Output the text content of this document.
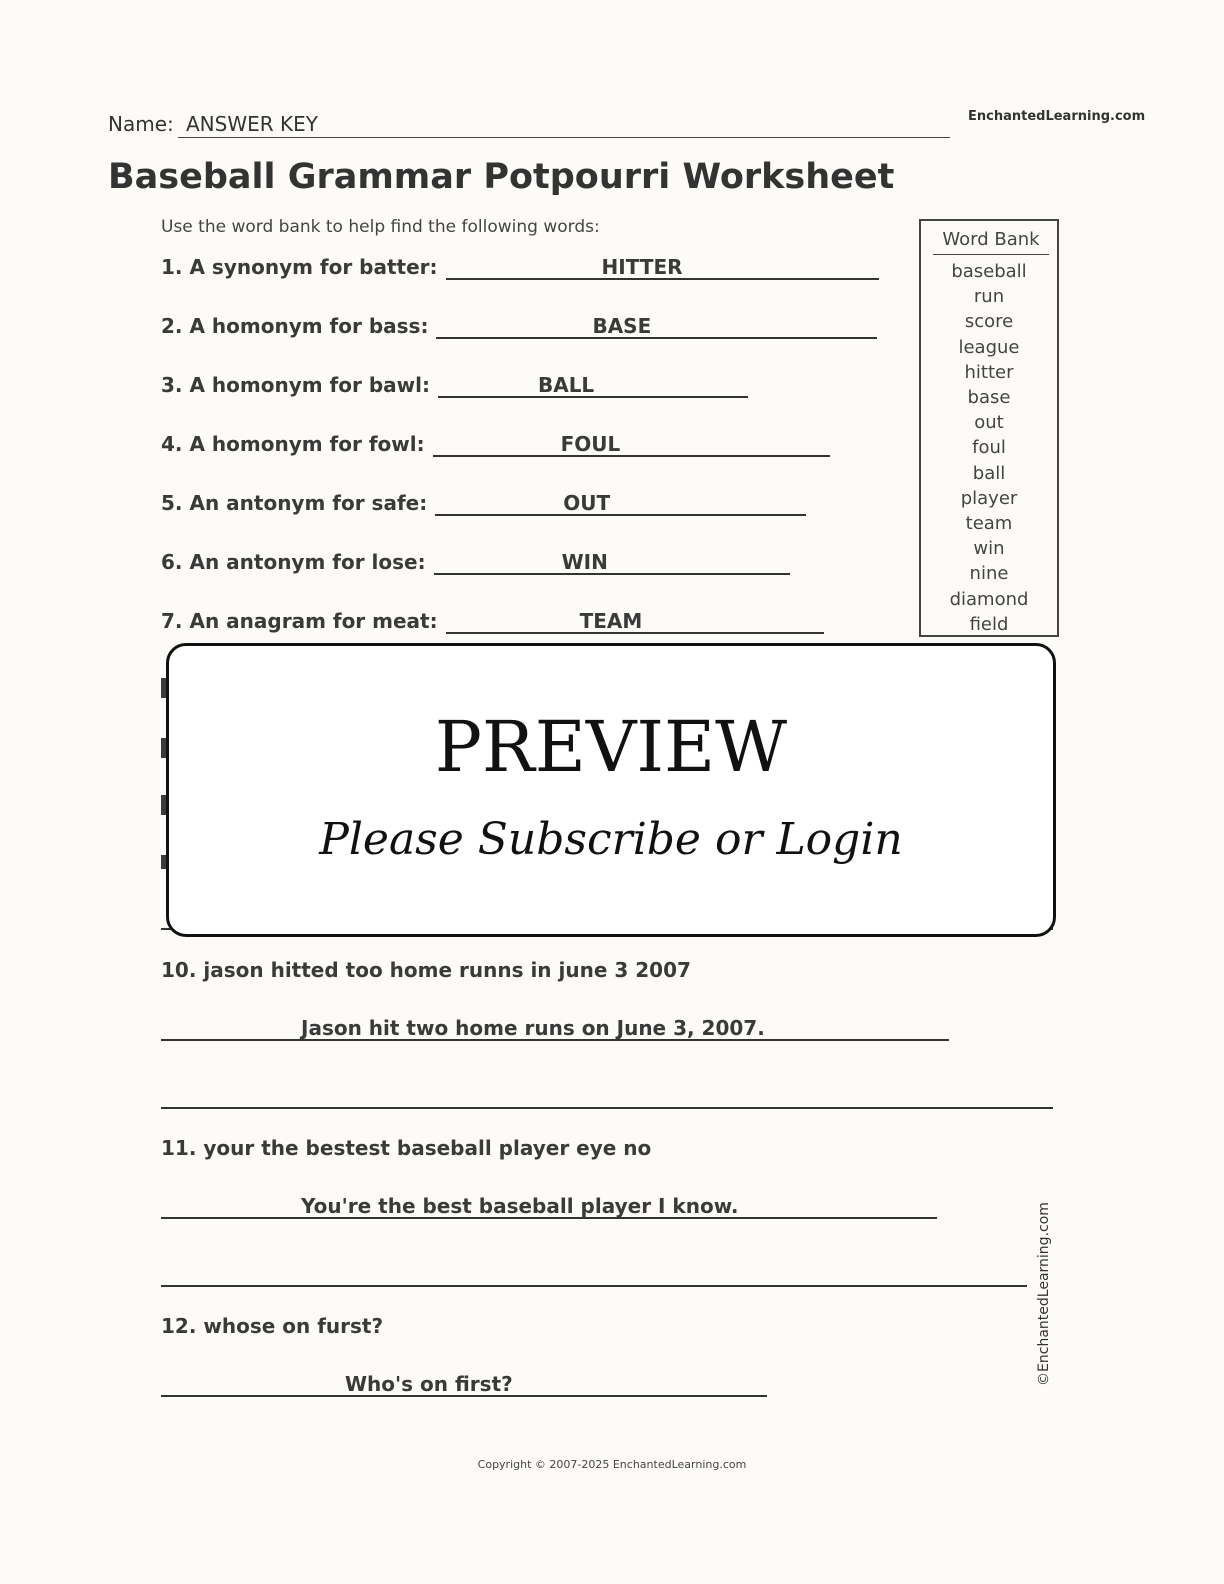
Name: ANSWER KEY	EnchantedLearning.com
Baseball Grammar Potpourri Worksheet
Use the word bank to help find the following words:
1. A synonym for batter:	HITTER
2. A homonym for bass:	BASE
3. A homonym for bawl:	BALL
4. A homonym for fowl:	FOUL
5. An antonym for safe:	OUT
6. An antonym for lose:	WIN
7. An anagram for meat:	TEAM
Word Bank
baseball
run
score
league
hitter
base
out
foul
ball
player
team
win
nine
diamond
field
PREVIEW
Please Subscribe or Login
10. jason hitted too home runns in june 3 2007
Jason hit two home runs on June 3, 2007.
11. your the bestest baseball player eye no
You're the best baseball player I know.
12. whose on furst?
Who's on first?	©EnchantedLearning.com
Copyright © 2007-2025 EnchantedLearning.com
